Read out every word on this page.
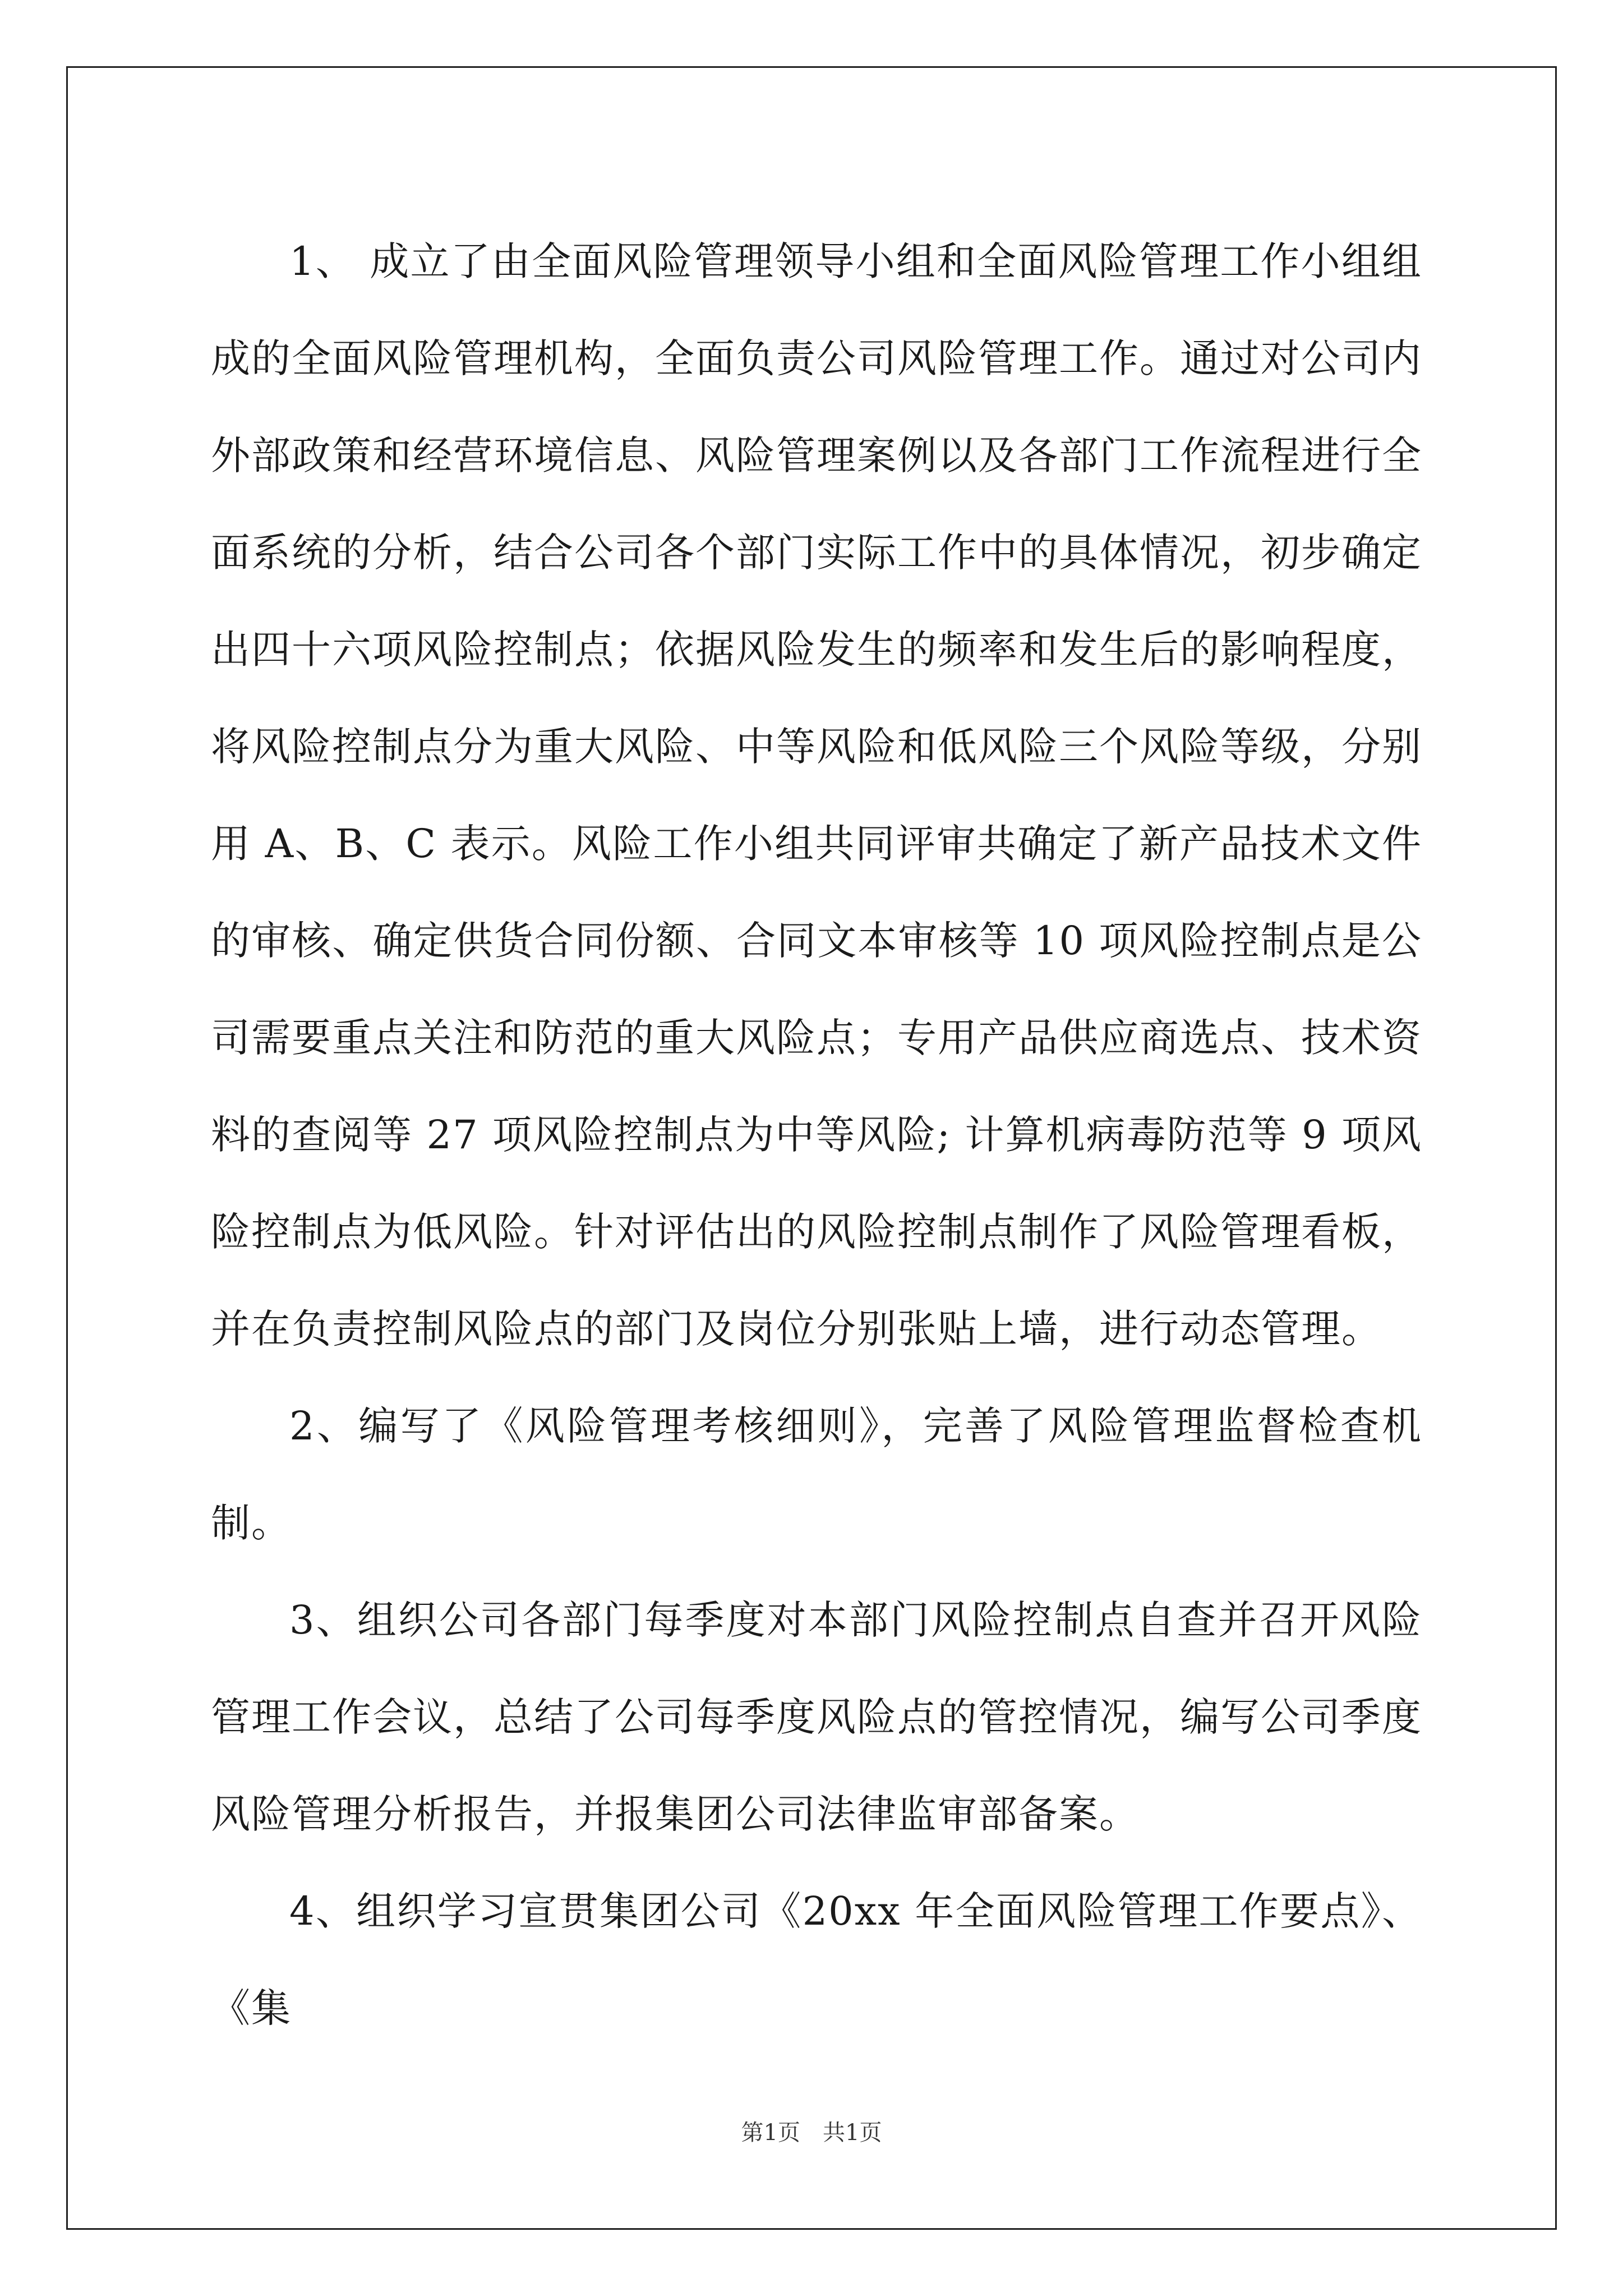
1、 成立了由全面风险管理领导小组和全面风险管理工作小组组成的全面风险管理机构，全面负责公司风险管理工作。通过对公司内外部政策和经营环境信息、风险管理案例以及各部门工作流程进行全面系统的分析，结合公司各个部门实际工作中的具体情况，初步确定出四十六项风险控制点；依据风险发生的频率和发生后的影响程度，将风险控制点分为重大风险、中等风险和低风险三个风险等级，分别用 A、B、C 表示。风险工作小组共同评审共确定了新产品技术文件的审核、确定供货合同份额、合同文本审核等 10 项风险控制点是公司需要重点关注和防范的重大风险点；专用产品供应商选点、技术资料的查阅等 27 项风险控制点为中等风险; 计算机病毒防范等 9 项风险控制点为低风险。针对评估出的风险控制点制作了风险管理看板，并在负责控制风险点的部门及岗位分别张贴上墙，进行动态管理。

2、编写了《风险管理考核细则》，完善了风险管理监督检查机制。

3、组织公司各部门每季度对本部门风险控制点自查并召开风险管理工作会议，总结了公司每季度风险点的管控情况，编写公司季度风险管理分析报告，并报集团公司法律监审部备案。

4、组织学习宣贯集团公司《20xx 年全面风险管理工作要点》、《集

第1页　共1页
